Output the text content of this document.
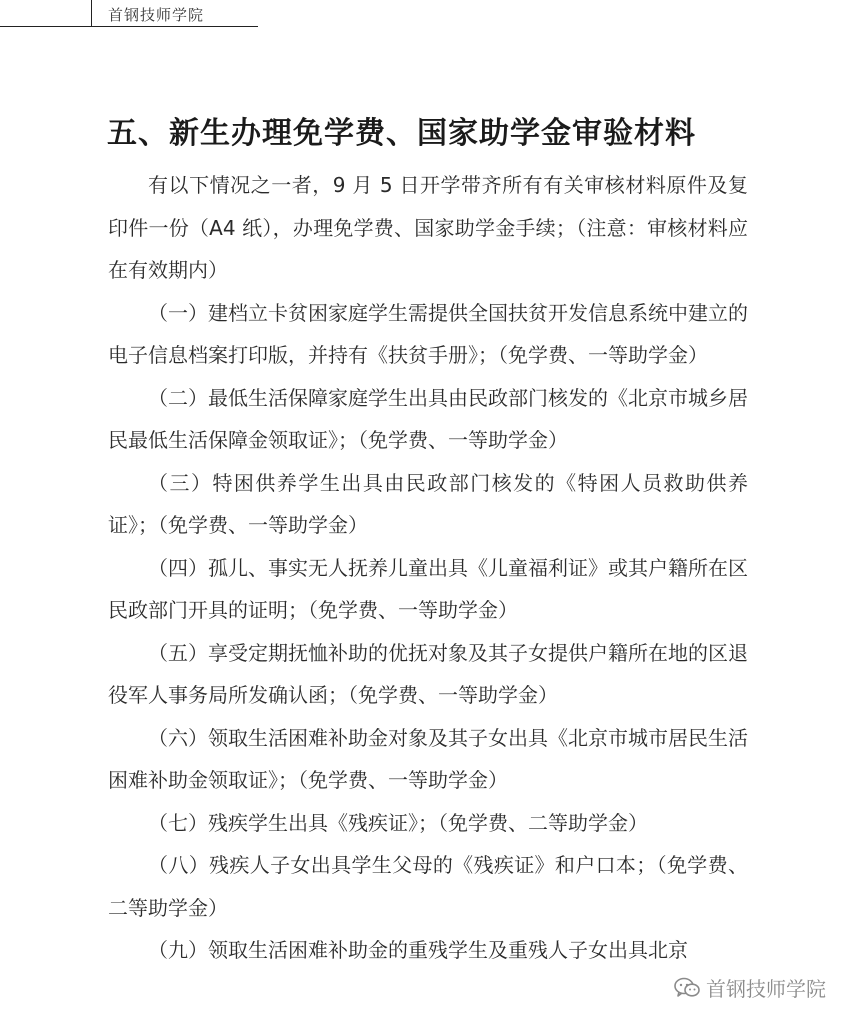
首钢技师学院
五、新生办理免学费、国家助学金审验材料

有以下情况之一者，9 月 5 日开学带齐所有有关审核材料原件及复印件一份（A4 纸），办理免学费、国家助学金手续；（注意：审核材料应在有效期内）

（一）建档立卡贫困家庭学生需提供全国扶贫开发信息系统中建立的电子信息档案打印版，并持有《扶贫手册》；（免学费、一等助学金）

（二）最低生活保障家庭学生出具由民政部门核发的《北京市城乡居民最低生活保障金领取证》；（免学费、一等助学金）

（三）特困供养学生出具由民政部门核发的《特困人员救助供养证》；（免学费、一等助学金）

（四）孤儿、事实无人抚养儿童出具《儿童福利证》或其户籍所在区民政部门开具的证明；（免学费、一等助学金）

（五）享受定期抚恤补助的优抚对象及其子女提供户籍所在地的区退役军人事务局所发确认函；（免学费、一等助学金）

（六）领取生活困难补助金对象及其子女出具《北京市城市居民生活困难补助金领取证》；（免学费、一等助学金）

（七）残疾学生出具《残疾证》；（免学费、二等助学金）

（八）残疾人子女出具学生父母的《残疾证》和户口本；（免学费、二等助学金）

（九）领取生活困难补助金的重残学生及重残人子女出具北京

首钢技师学院
